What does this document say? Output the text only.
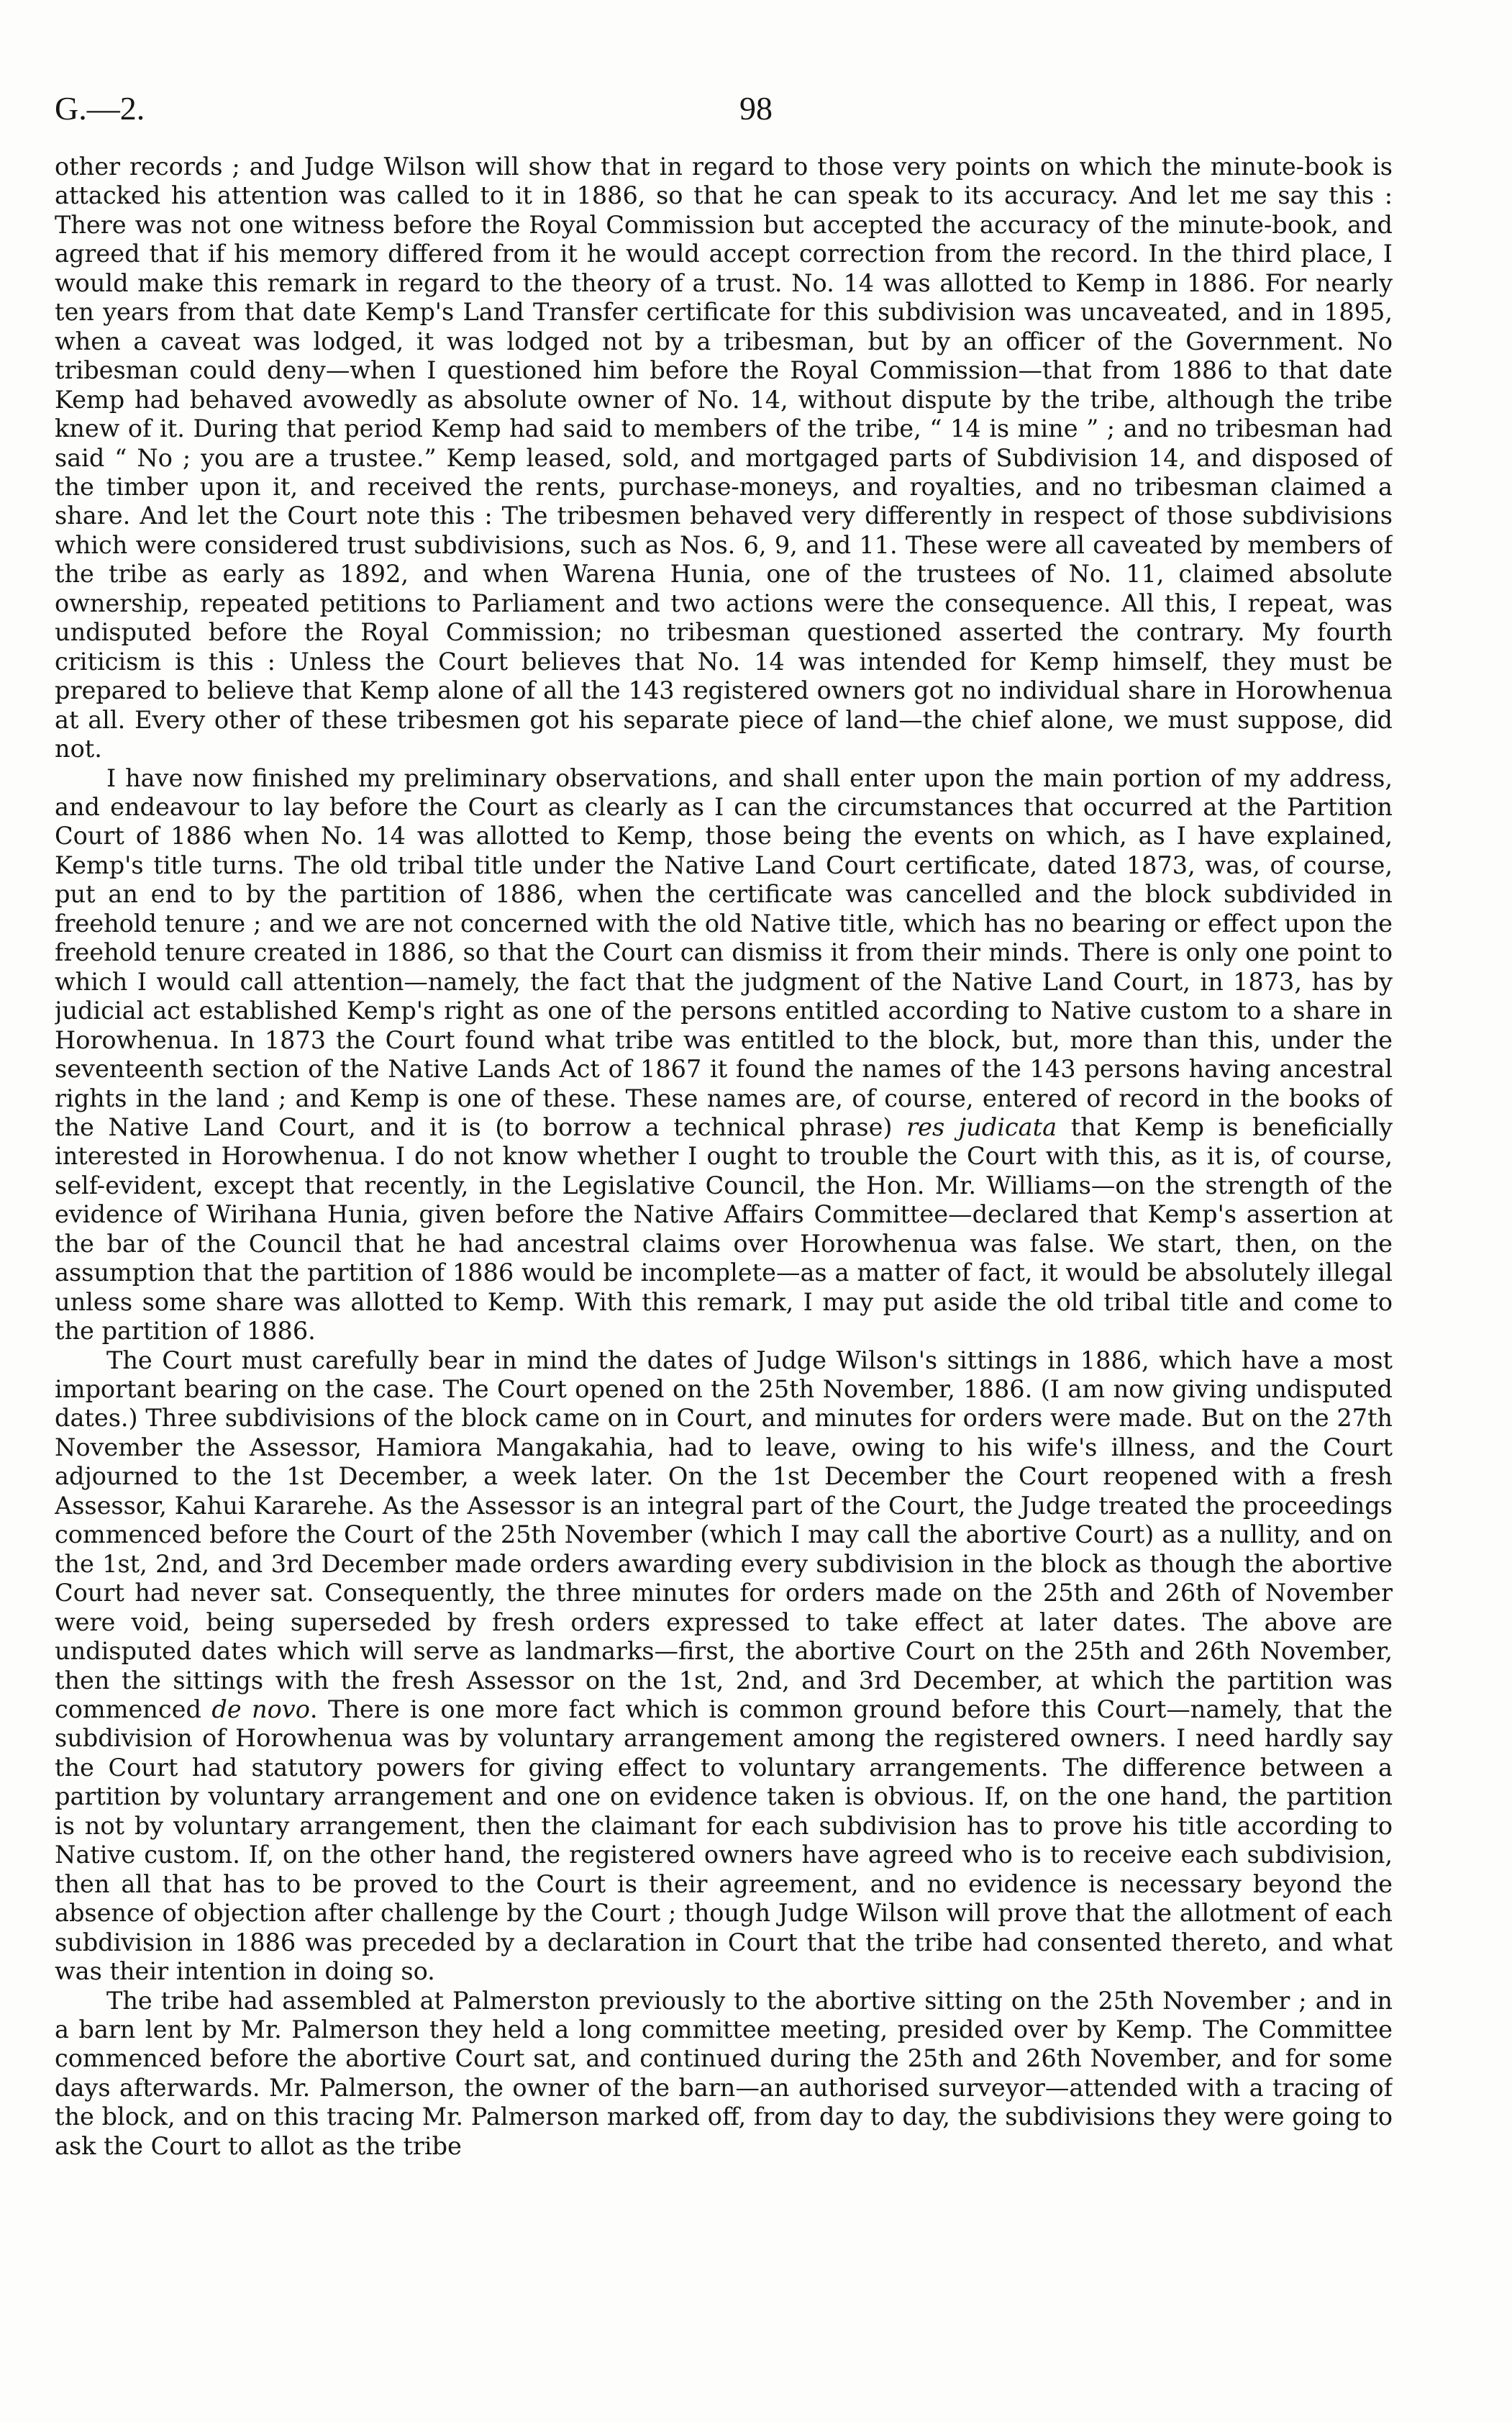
G.—2.	98

other records ; and Judge Wilson will show that in regard to those very points on which the minute-book is attacked his attention was called to it in 1886, so that he can speak to its accuracy. And let me say this : There was not one witness before the Royal Commission but accepted the accuracy of the minute-book, and agreed that if his memory differed from it he would accept correction from the record. In the third place, I would make this remark in regard to the theory of a trust. No. 14 was allotted to Kemp in 1886. For nearly ten years from that date Kemp's Land Transfer certificate for this subdivision was uncaveated, and in 1895, when a caveat was lodged, it was lodged not by a tribesman, but by an officer of the Government. No tribesman could deny—when I questioned him before the Royal Commission—that from 1886 to that date Kemp had behaved avowedly as absolute owner of No. 14, without dispute by the tribe, although the tribe knew of it. During that period Kemp had said to members of the tribe, “ 14 is mine ” ; and no tribesman had said “ No ; you are a trustee.” Kemp leased, sold, and mortgaged parts of Subdivision 14, and disposed of the timber upon it, and received the rents, purchase-moneys, and royalties, and no tribesman claimed a share. And let the Court note this : The tribesmen behaved very differently in respect of those subdivisions which were considered trust subdivisions, such as Nos. 6, 9, and 11. These were all caveated by members of the tribe as early as 1892, and when Warena Hunia, one of the trustees of No. 11, claimed absolute ownership, repeated petitions to Parliament and two actions were the consequence. All this, I repeat, was undisputed before the Royal Commission; no tribesman questioned asserted the contrary. My fourth criticism is this : Unless the Court believes that No. 14 was intended for Kemp himself, they must be prepared to believe that Kemp alone of all the 143 registered owners got no individual share in Horowhenua at all. Every other of these tribesmen got his separate piece of land—the chief alone, we must suppose, did not.

I have now finished my preliminary observations, and shall enter upon the main portion of my address, and endeavour to lay before the Court as clearly as I can the circumstances that occurred at the Partition Court of 1886 when No. 14 was allotted to Kemp, those being the events on which, as I have explained, Kemp's title turns. The old tribal title under the Native Land Court certificate, dated 1873, was, of course, put an end to by the partition of 1886, when the certificate was cancelled and the block subdivided in freehold tenure ; and we are not concerned with the old Native title, which has no bearing or effect upon the freehold tenure created in 1886, so that the Court can dismiss it from their minds. There is only one point to which I would call attention—namely, the fact that the judgment of the Native Land Court, in 1873, has by judicial act established Kemp's right as one of the persons entitled according to Native custom to a share in Horowhenua. In 1873 the Court found what tribe was entitled to the block, but, more than this, under the seventeenth section of the Native Lands Act of 1867 it found the names of the 143 persons having ancestral rights in the land ; and Kemp is one of these. These names are, of course, entered of record in the books of the Native Land Court, and it is (to borrow a technical phrase) res judicata that Kemp is beneficially interested in Horowhenua. I do not know whether I ought to trouble the Court with this, as it is, of course, self-evident, except that recently, in the Legislative Council, the Hon. Mr. Williams—on the strength of the evidence of Wirihana Hunia, given before the Native Affairs Committee—declared that Kemp's assertion at the bar of the Council that he had ancestral claims over Horowhenua was false. We start, then, on the assumption that the partition of 1886 would be incomplete—as a matter of fact, it would be absolutely illegal unless some share was allotted to Kemp. With this remark, I may put aside the old tribal title and come to the partition of 1886.

The Court must carefully bear in mind the dates of Judge Wilson's sittings in 1886, which have a most important bearing on the case. The Court opened on the 25th November, 1886. (I am now giving undisputed dates.) Three subdivisions of the block came on in Court, and minutes for orders were made. But on the 27th November the Assessor, Hamiora Mangakahia, had to leave, owing to his wife's illness, and the Court adjourned to the 1st December, a week later. On the 1st December the Court reopened with a fresh Assessor, Kahui Kararehe. As the Assessor is an integral part of the Court, the Judge treated the proceedings commenced before the Court of the 25th November (which I may call the abortive Court) as a nullity, and on the 1st, 2nd, and 3rd December made orders awarding every subdivision in the block as though the abortive Court had never sat. Consequently, the three minutes for orders made on the 25th and 26th of November were void, being superseded by fresh orders expressed to take effect at later dates. The above are undisputed dates which will serve as landmarks—first, the abortive Court on the 25th and 26th November, then the sittings with the fresh Assessor on the 1st, 2nd, and 3rd December, at which the partition was commenced de novo. There is one more fact which is common ground before this Court—namely, that the subdivision of Horowhenua was by voluntary arrangement among the registered owners. I need hardly say the Court had statutory powers for giving effect to voluntary arrangements. The difference between a partition by voluntary arrangement and one on evidence taken is obvious. If, on the one hand, the partition is not by voluntary arrangement, then the claimant for each subdivision has to prove his title according to Native custom. If, on the other hand, the registered owners have agreed who is to receive each subdivision, then all that has to be proved to the Court is their agreement, and no evidence is necessary beyond the absence of objection after challenge by the Court ; though Judge Wilson will prove that the allotment of each subdivision in 1886 was preceded by a declaration in Court that the tribe had consented thereto, and what was their intention in doing so.

The tribe had assembled at Palmerston previously to the abortive sitting on the 25th November ; and in a barn lent by Mr. Palmerson they held a long committee meeting, presided over by Kemp. The Committee commenced before the abortive Court sat, and continued during the 25th and 26th November, and for some days afterwards. Mr. Palmerson, the owner of the barn—an authorised surveyor—attended with a tracing of the block, and on this tracing Mr. Palmerson marked off, from day to day, the subdivisions they were going to ask the Court to allot as the tribe
